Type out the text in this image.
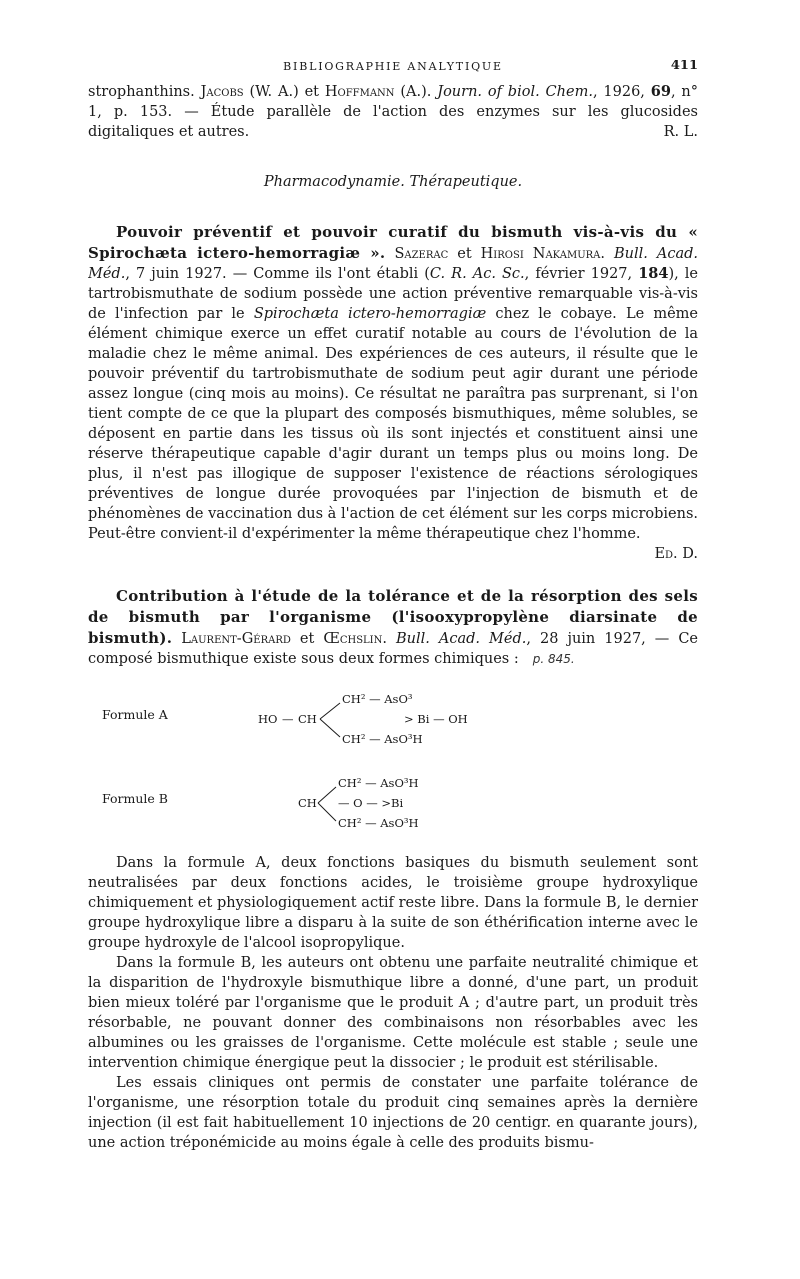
BIBLIOGRAPHIE ANALYTIQUE	411

strophanthins. Jacobs (W. A.) et Hoffmann (A.). Journ. of biol. Chem., 1926, 69, n° 1, p. 153. — Étude parallèle de l'action des enzymes sur les glucosides digitaliques et autres.	R. L.

Pharmacodynamie. Thérapeutique.

Pouvoir préventif et pouvoir curatif du bismuth vis-à-vis du « Spirochæta ictero-hemorragiæ ». Sazerac et Hirosi Nakamura. Bull. Acad. Méd., 7 juin 1927. — Comme ils l'ont établi (C. R. Ac. Sc., février 1927, 184), le tartrobismuthate de sodium possède une action préventive remarquable vis-à-vis de l'infection par le Spirochæta ictero-hemorragiæ chez le cobaye. Le même élément chimique exerce un effet curatif notable au cours de l'évolution de la maladie chez le même animal. Des expériences de ces auteurs, il résulte que le pouvoir préventif du tartrobismuthate de sodium peut agir durant une période assez longue (cinq mois au moins). Ce résultat ne paraîtra pas surprenant, si l'on tient compte de ce que la plupart des composés bismuthiques, même solubles, se déposent en partie dans les tissus où ils sont injectés et constituent ainsi une réserve thérapeutique capable d'agir durant un temps plus ou moins long. De plus, il n'est pas illogique de supposer l'existence de réactions sérologiques préventives de longue durée provoquées par l'injection de bismuth et de phénomènes de vaccination dus à l'action de cet élément sur les corps microbiens. Peut-être convient-il d'expérimenter la même thérapeutique chez l'homme.
Ed. D.

Contribution à l'étude de la tolérance et de la résorption des sels de bismuth par l'organisme (l'isooxypropylène diarsinate de bismuth). Laurent-Gérard et Œchslin. Bull. Acad. Méd., 28 juin 1927, — Ce composé bismuthique existe sous deux formes chimiques : p. 845.

Formule A	HO — CH
CH² — AsO³
CH² — AsO³H
> Bi — OH
Formule B	CH
CH² — AsO³H
— O — >Bi
CH² — AsO³H

Dans la formule A, deux fonctions basiques du bismuth seulement sont neutralisées par deux fonctions acides, le troisième groupe hydroxylique chimiquement et physiologiquement actif reste libre. Dans la formule B, le dernier groupe hydroxylique libre a disparu à la suite de son éthérification interne avec le groupe hydroxyle de l'alcool isopropylique.

Dans la formule B, les auteurs ont obtenu une parfaite neutralité chimique et la disparition de l'hydroxyle bismuthique libre a donné, d'une part, un produit bien mieux toléré par l'organisme que le produit A ; d'autre part, un produit très résorbable, ne pouvant donner des combinaisons non résorbables avec les albumines ou les graisses de l'organisme. Cette molécule est stable ; seule une intervention chimique énergique peut la dissocier ; le produit est stérilisable.

Les essais cliniques ont permis de constater une parfaite tolérance de l'organisme, une résorption totale du produit cinq semaines après la dernière injection (il est fait habituellement 10 injections de 20 centigr. en quarante jours), une action tréponémicide au moins égale à celle des produits bismu-
